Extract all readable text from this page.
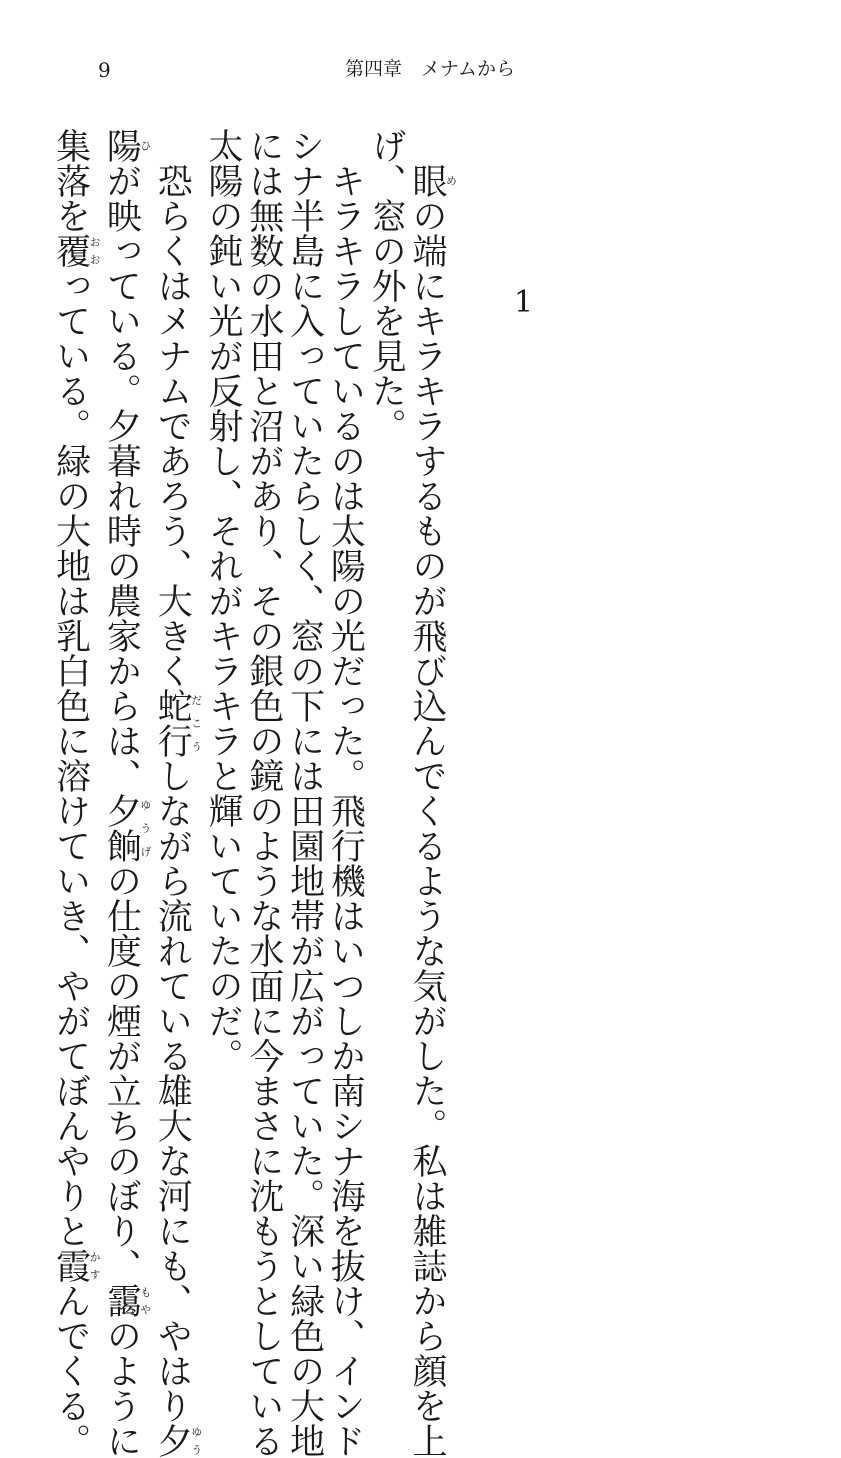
9	第四章　メナムから
1

眼めの端にキラキラするものが飛び込んでくるような気がした。私は雑誌から顔を上

げ、窓の外を見た。

キラキラしているのは太陽の光だった。飛行機はいつしか南シナ海を抜け、インド

シナ半島に入っていたらしく、窓の下には田園地帯が広がっていた。深い緑色の大地

には無数の水田と沼があり、その銀色の鏡のような水面に今まさに沈もうとしている

太陽の鈍い光が反射し、それがキラキラと輝いていたのだ。

恐らくはメナムであろう、大きく蛇行だこうしながら流れている雄大な河にも、やはり夕ゆう

陽ひが映っている。夕暮れ時の農家からは、夕餉ゆうげの仕度の煙が立ちのぼり、靄もやのように

集落を覆おおっている。緑の大地は乳白色に溶けていき、やがてぼんやりと霞かすんでくる。
